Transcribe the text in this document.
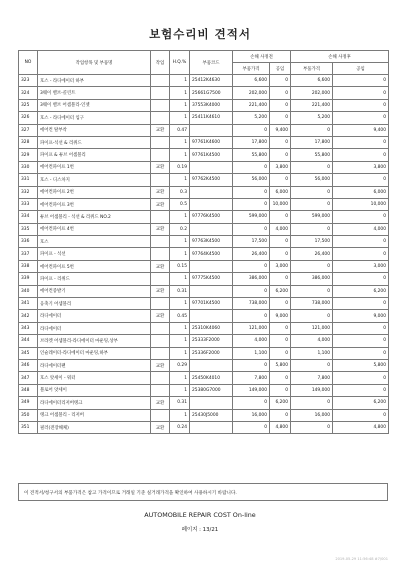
보험수리비 견적서
NO	작업항목 및 부품명	작업	H.Q.%	부품코드	손해 사정전		손해 사정후	
					부품가격	공임	부품가격	공임
323	호스 - 라디에이터 하부		1	25412K4630	6,600	0	6,600	0
324	3웨이 밸브-콜린트		1	25661G7500	202,000	0	202,000	0
325	3웨이 밸브 어셈블리-인젯		1	37553K4000	221,400	0	221,400	0
326	호스 - 라디에이터 입구		1	25411K4610	5,200	0	5,200	0
327	에어컨 탈부착	교환	0.47		0	9,400	0	9,400
328	파이프-석션 & 리퀴드		1	97761K4600	17,800	0	17,800	0
329	파이프 & 튜브 어셈블리		1	97761K4500	55,800	0	55,800	0
330	에어컨파이프 1번	교환	0.19		0	3,800	0	3,800
331	호스 - 디스차지		1	97762K4500	56,000	0	56,000	0
332	에어컨파이프 2번	교환	0.3		0	6,000	0	6,000
333	에어컨파이프 3번	교환	0.5		0	10,000	0	10,000
334	튜브 어셈블리 - 석션 & 리퀴드 NO.2		1	97776K4500	599,000	0	599,000	0
335	에어컨파이프 4번	교환	0.2		0	4,000	0	4,000
336	호스		1	97763K4500	17,500	0	17,500	0
337	파이프 - 석션		1	97764K4500	26,400	0	26,400	0
338	에어컨파이프 5번	교환	0.15		0	3,000	0	3,000
339	파이프 - 리퀴드		1	97775K4500	386,000	0	386,000	0
340	에어컨증발기	교환	0.31		0	6,200	0	6,200
341	응축기 어셈블리		1	97701K4500	738,000	0	738,000	0
342	라디에이터	교환	0.45		0	9,000	0	9,000
343	라디에이터		1	25310K4060	121,000	0	121,000	0
344	브라켓 어셈블리-라디에이터 마운팅,상부		1	25333F2000	4,000	0	4,000	0
345	인슐레이터-라디에이터 마운팅,하부		1	25336F2000	1,100	0	1,100	0
346	라디에이터팬	교환	0.29		0	5,800	0	5,800
347	호스 앗세이 - 워터		1	25450K4010	7,800	0	7,800	0
348	블로어 앗세이		1	25380G7000	149,000	0	149,000	0
349	라디에이터리저버탱크	교환	0.31		0	6,200	0	6,200
350	탱크 어셈블리 - 리저버		1	25430J5000	16,000	0	16,000	0
351	필러(전장해체)	교환	0.24		0	4,800	0	4,800
이 견적서/청구서의 부품가격은 참고 가격이므로 거래일 기준 실거래가격을 확인하여 사용하시기 바랍니다.
AUTOMOBILE REPAIR COST On-line
페이지 : 13/21
2019-05-29 11:56:48 #7/001
